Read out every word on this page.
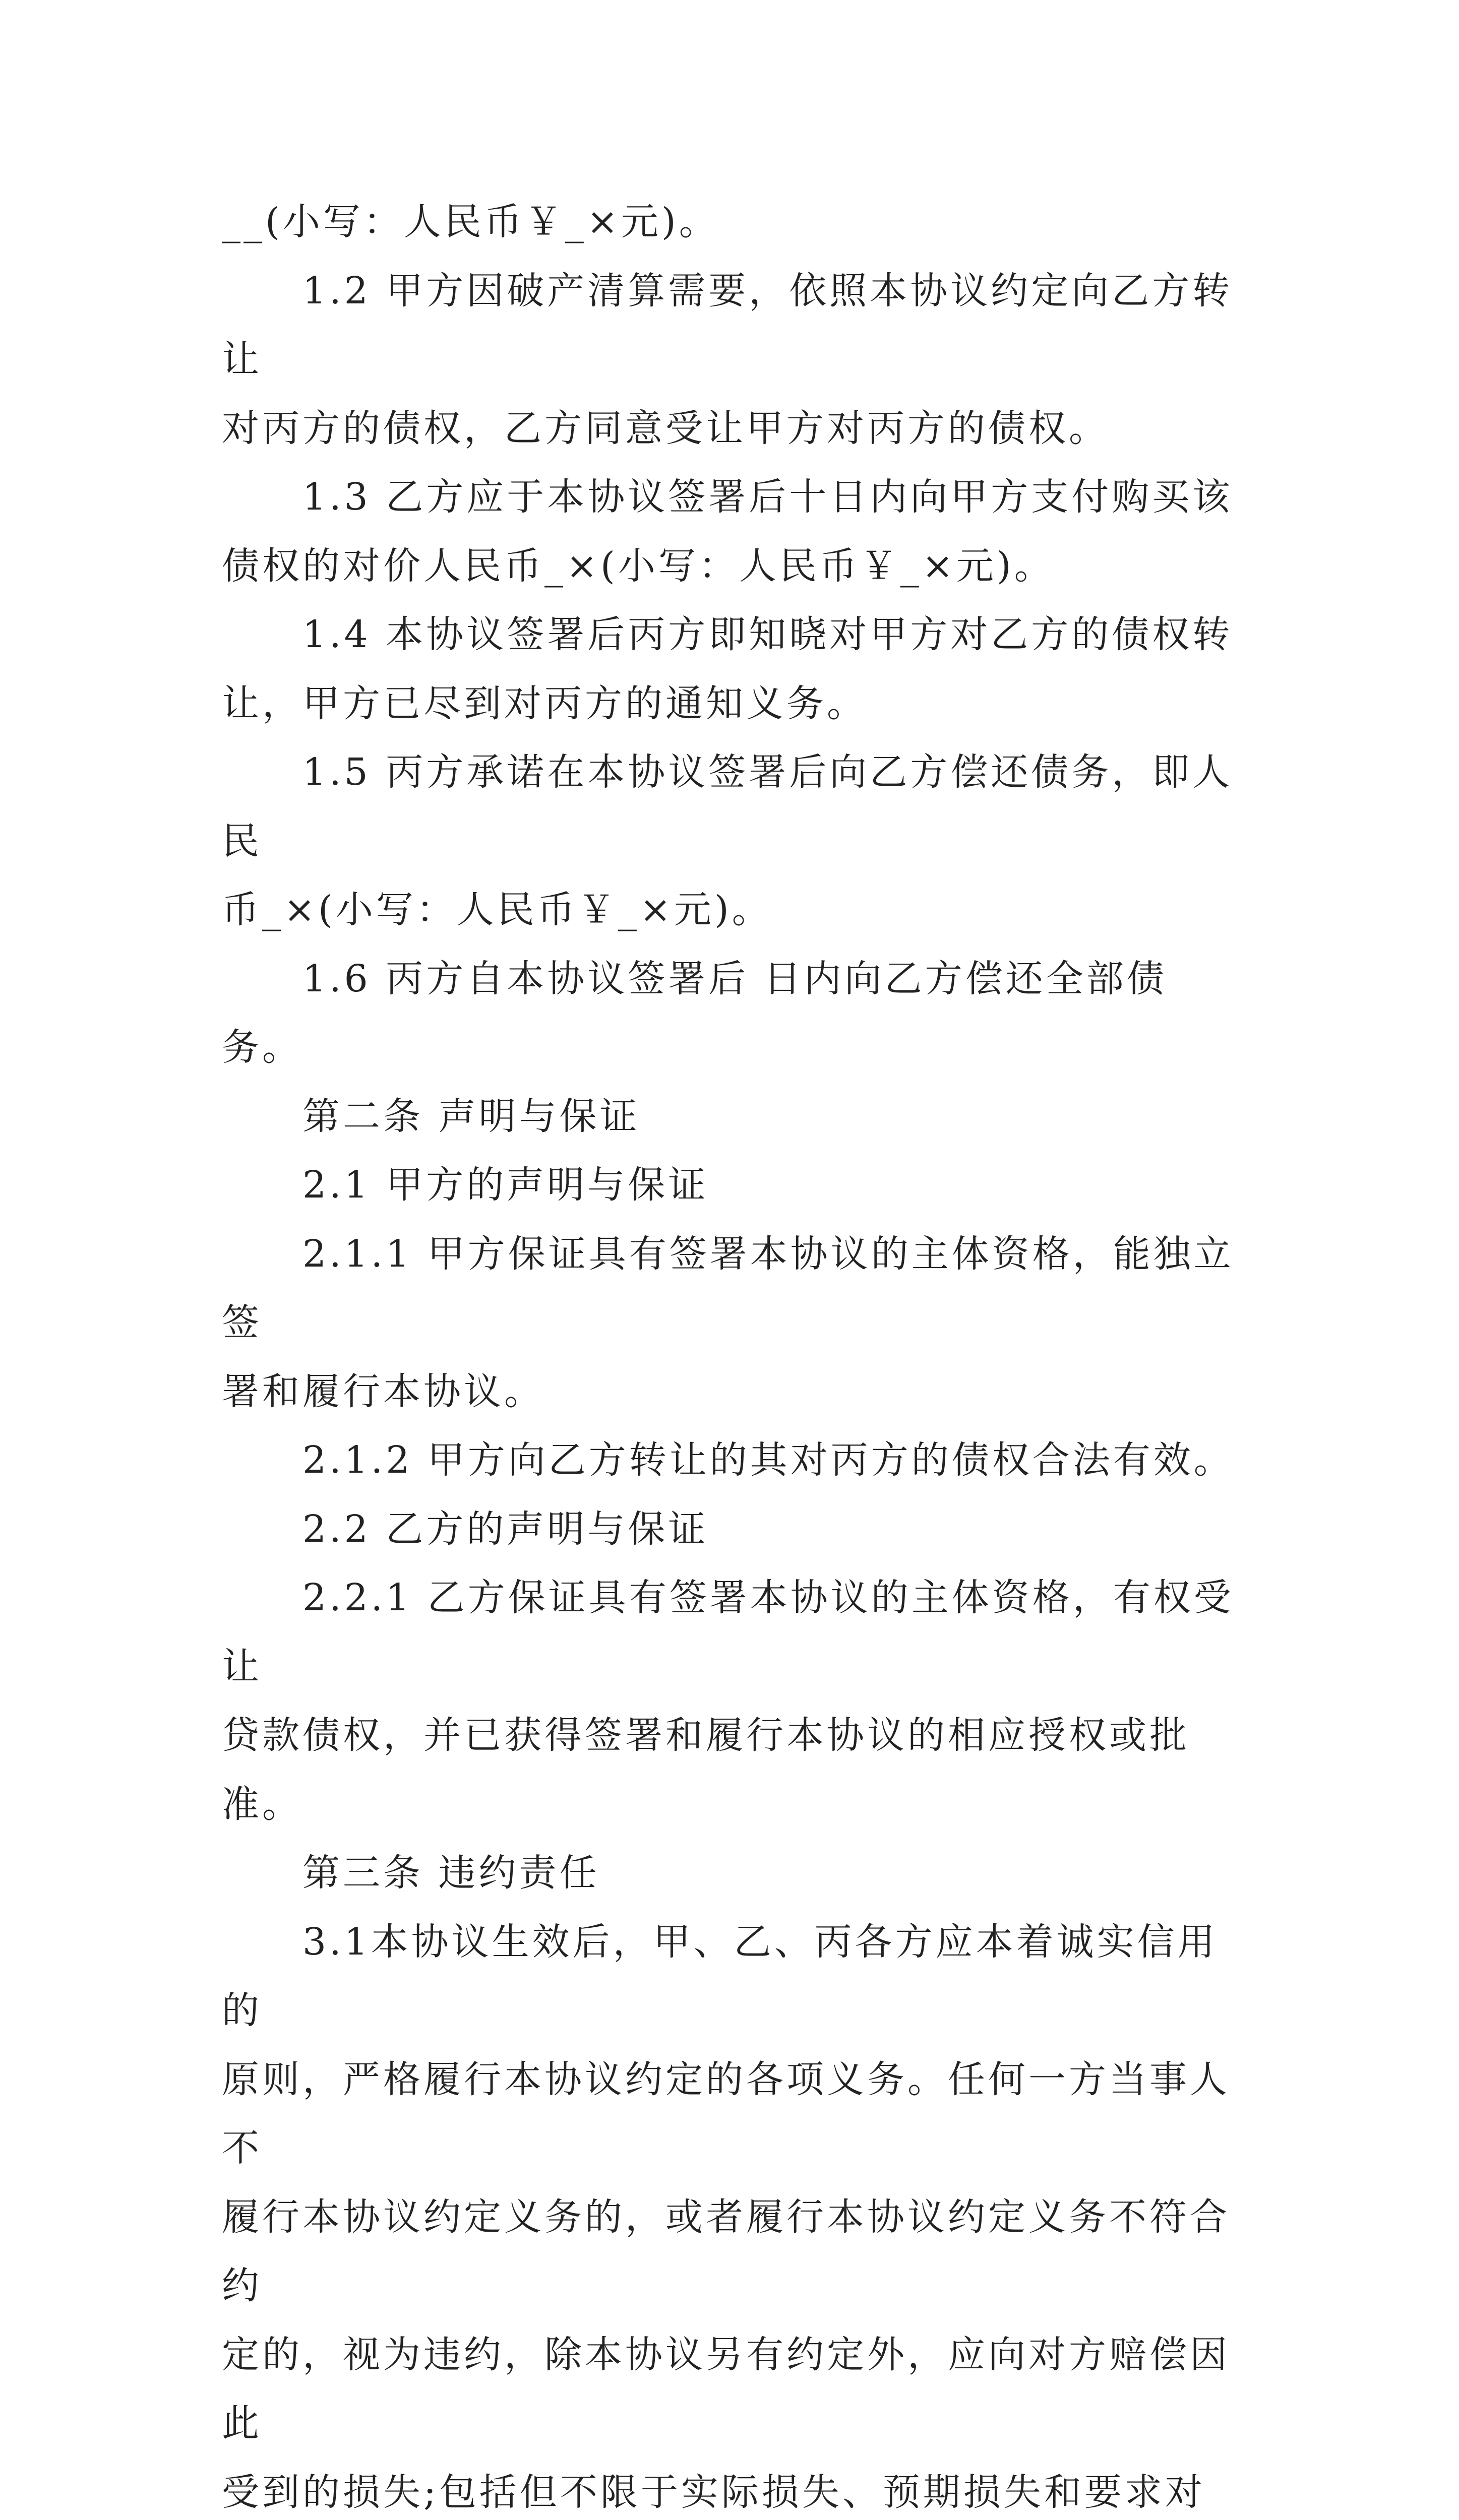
__(小写：人民币￥_×元)。

1.2 甲方因破产清算需要，依照本协议约定向乙方转让

对丙方的债权，乙方同意受让甲方对丙方的债权。

1.3 乙方应于本协议签署后十日内向甲方支付购买该

债权的对价人民币_×(小写：人民币￥_×元)。

1.4 本协议签署后丙方即知晓对甲方对乙方的债权转

让，甲方已尽到对丙方的通知义务。

1.5 丙方承诺在本协议签署后向乙方偿还债务，即人民

币_×(小写：人民币￥_×元)。

1.6 丙方自本协议签署后 日内向乙方偿还全部债务。

第二条 声明与保证

2.1 甲方的声明与保证

2.1.1 甲方保证具有签署本协议的主体资格，能独立签

署和履行本协议。

2.1.2 甲方向乙方转让的其对丙方的债权合法有效。

2.2 乙方的声明与保证

2.2.1 乙方保证具有签署本协议的主体资格，有权受让

贷款债权，并已获得签署和履行本协议的相应授权或批准。

第三条 违约责任

3.1本协议生效后，甲、乙、丙各方应本着诚实信用的

原则，严格履行本协议约定的各项义务。任何一方当事人不

履行本协议约定义务的，或者履行本协议约定义务不符合约

定的，视为违约，除本协议另有约定外，应向对方赔偿因此

受到的损失;包括但不限于实际损失、预期损失和要求对
